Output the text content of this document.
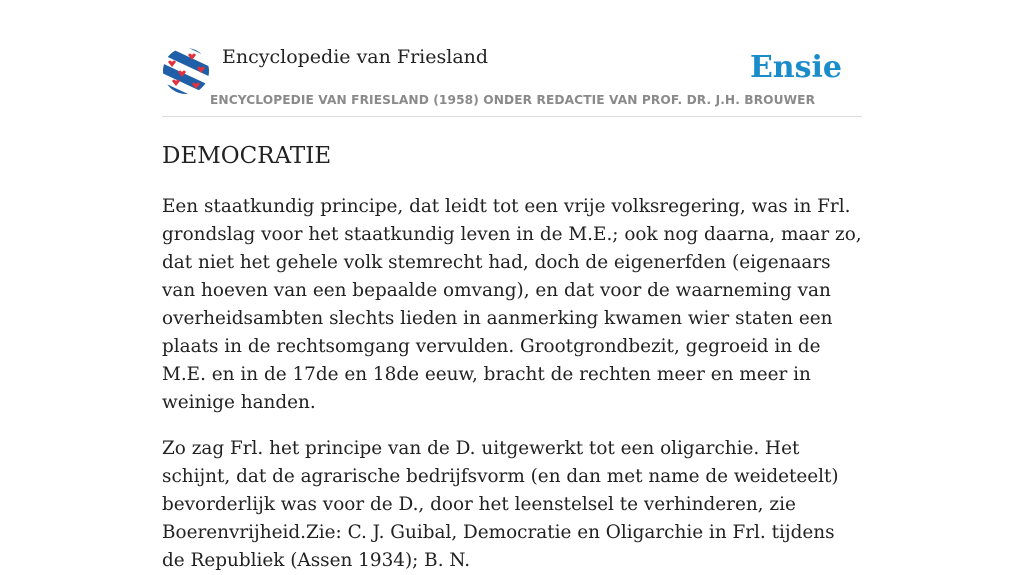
Encyclopedie van Friesland
ENCYCLOPEDIE VAN FRIESLAND (1958) ONDER REDACTIE VAN PROF. DR. J.H. BROUWER
Ensie
DEMOCRATIE

Een staatkundig principe, dat leidt tot een vrije volksregering, was in Frl. grondslag voor het staatkundig leven in de M.E.; ook nog daarna, maar zo, dat niet het gehele volk stemrecht had, doch de eigenerfden (eigenaars van hoeven van een bepaalde omvang), en dat voor de waarneming van overheidsambten slechts lieden in aanmerking kwamen wier staten een plaats in de rechtsomgang vervulden. Grootgrondbezit, gegroeid in de M.E. en in de 17de en 18de eeuw, bracht de rechten meer en meer in weinige handen.

Zo zag Frl. het principe van de D. uitgewerkt tot een oligarchie. Het schijnt, dat de agrarische bedrijfsvorm (en dan met name de weideteelt) bevorderlijk was voor de D., door het leenstelsel te verhinderen, zie Boerenvrijheid.Zie: C. J. Guibal, Democratie en Oligarchie in Frl. tijdens de Republiek (Assen 1934); B. N.
